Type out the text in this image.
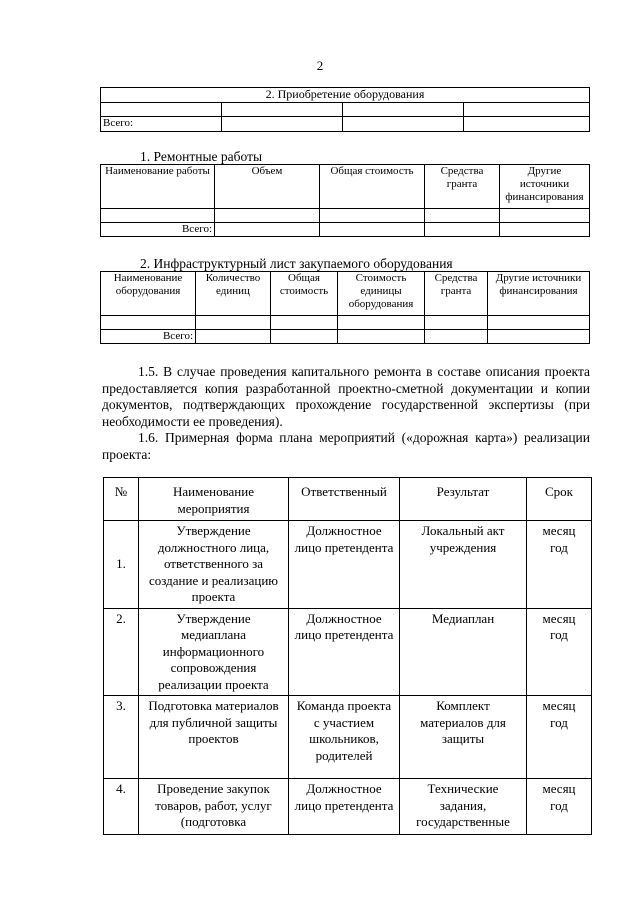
2
2. Приобретение оборудования			

Всего:			
1. Ремонтные работы
Наименование работы	Объем	Общая стоимость	Средства гранта	Другие источники финансирования

Всего:				
2. Инфраструктурный лист закупаемого оборудования
Наименование оборудования	Количество единиц	Общая стоимость	Стоимость единицы оборудования	Средства гранта	Другие источники финансирования

Всего:					
1.5. В случае проведения капитального ремонта в составе описания проекта предоставляется копия разработанной проектно-сметной документации и копии документов, подтверждающих прохождение государственной экспертизы (при необходимости ее проведения).
1.6. Примерная форма плана мероприятий («дорожная карта») реализации проекта:
№	Наименование мероприятия	Ответственный	Результат	Срок
1.	Утверждение должностного лица, ответственного за создание и реализацию проекта	Должностное лицо претендента	Локальный акт учреждения	месяц год
2.	Утверждение медиаплана информационного сопровождения реализации проекта	Должностное лицо претендента	Медиаплан	месяц год
3.	Подготовка материалов для публичной защиты проектов	Команда проекта с участием школьников, родителей	Комплект материалов для защиты	месяц год
4.	Проведение закупок товаров, работ, услуг (подготовка	Должностное лицо претендента	Технические задания, государственные	месяц год
